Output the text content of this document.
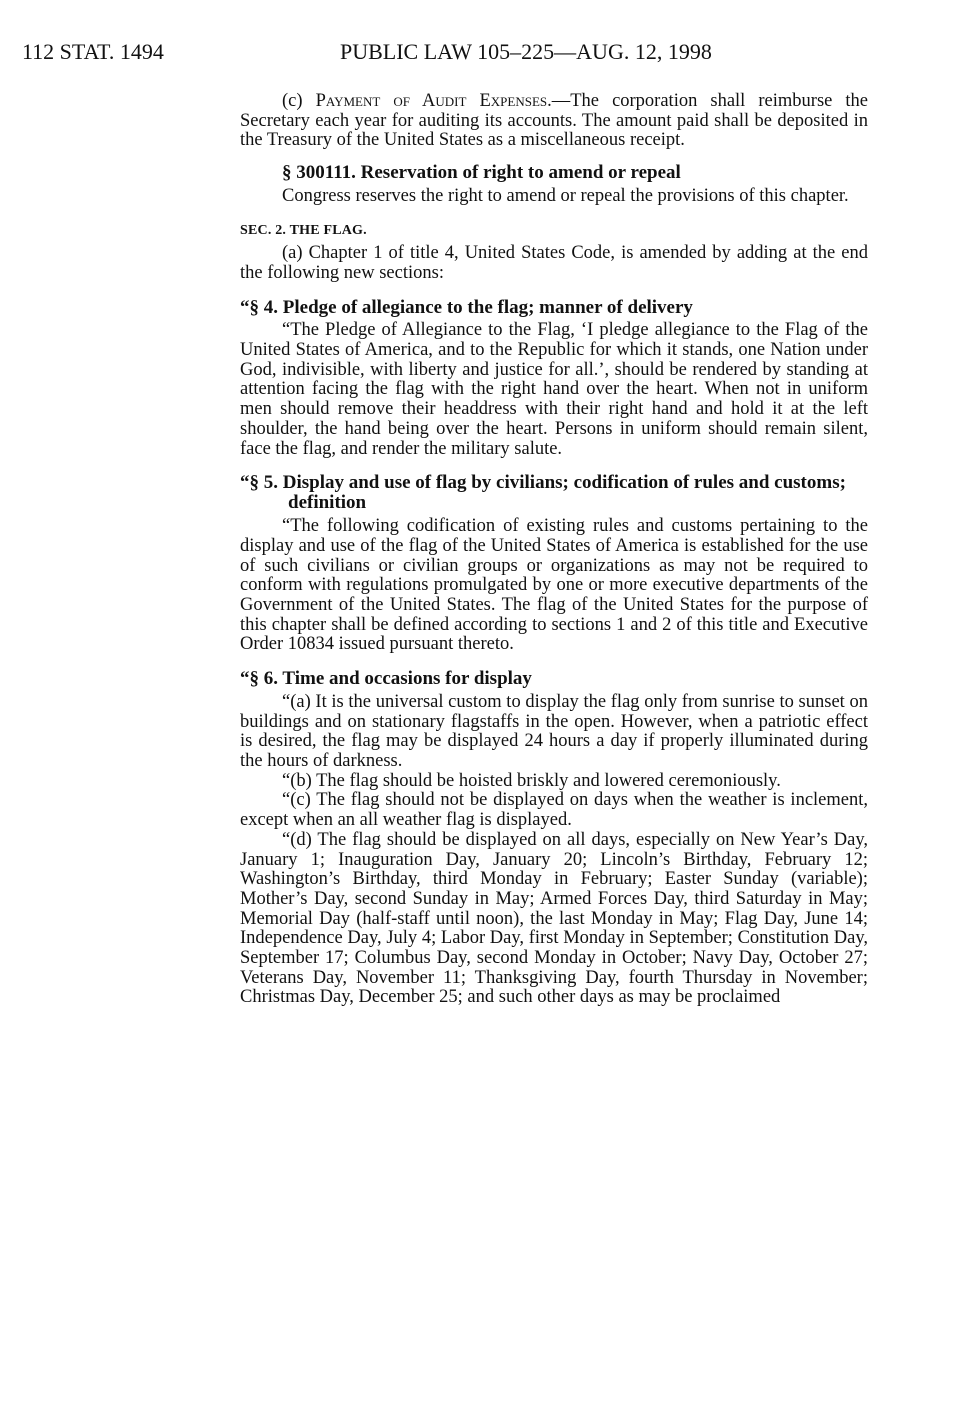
112 STAT. 1494	PUBLIC LAW 105–225—AUG. 12, 1998

(c) Payment of Audit Expenses.—The corporation shall reimburse the Secretary each year for auditing its accounts. The amount paid shall be deposited in the Treasury of the United States as a miscellaneous receipt.

§ 300111. Reservation of right to amend or repeal

Congress reserves the right to amend or repeal the provisions of this chapter.

SEC. 2. THE FLAG.

(a) Chapter 1 of title 4, United States Code, is amended by adding at the end the following new sections:

“§ 4. Pledge of allegiance to the flag; manner of delivery

“The Pledge of Allegiance to the Flag, ‘I pledge allegiance to the Flag of the United States of America, and to the Republic for which it stands, one Nation under God, indivisible, with liberty and justice for all.’, should be rendered by standing at attention facing the flag with the right hand over the heart. When not in uniform men should remove their headdress with their right hand and hold it at the left shoulder, the hand being over the heart. Persons in uniform should remain silent, face the flag, and render the military salute.

“§ 5. Display and use of flag by civilians; codification of rules and customs; definition

“The following codification of existing rules and customs pertaining to the display and use of the flag of the United States of America is established for the use of such civilians or civilian groups or organizations as may not be required to conform with regulations promulgated by one or more executive departments of the Government of the United States. The flag of the United States for the purpose of this chapter shall be defined according to sections 1 and 2 of this title and Executive Order 10834 issued pursuant thereto.

“§ 6. Time and occasions for display

“(a) It is the universal custom to display the flag only from sunrise to sunset on buildings and on stationary flagstaffs in the open. However, when a patriotic effect is desired, the flag may be displayed 24 hours a day if properly illuminated during the hours of darkness.

“(b) The flag should be hoisted briskly and lowered ceremoniously.

“(c) The flag should not be displayed on days when the weather is inclement, except when an all weather flag is displayed.

“(d) The flag should be displayed on all days, especially on New Year’s Day, January 1; Inauguration Day, January 20; Lincoln’s Birthday, February 12; Washington’s Birthday, third Monday in February; Easter Sunday (variable); Mother’s Day, second Sunday in May; Armed Forces Day, third Saturday in May; Memorial Day (half-staff until noon), the last Monday in May; Flag Day, June 14; Independence Day, July 4; Labor Day, first Monday in September; Constitution Day, September 17; Columbus Day, second Monday in October; Navy Day, October 27; Veterans Day, November 11; Thanksgiving Day, fourth Thursday in November; Christmas Day, December 25; and such other days as may be proclaimed
